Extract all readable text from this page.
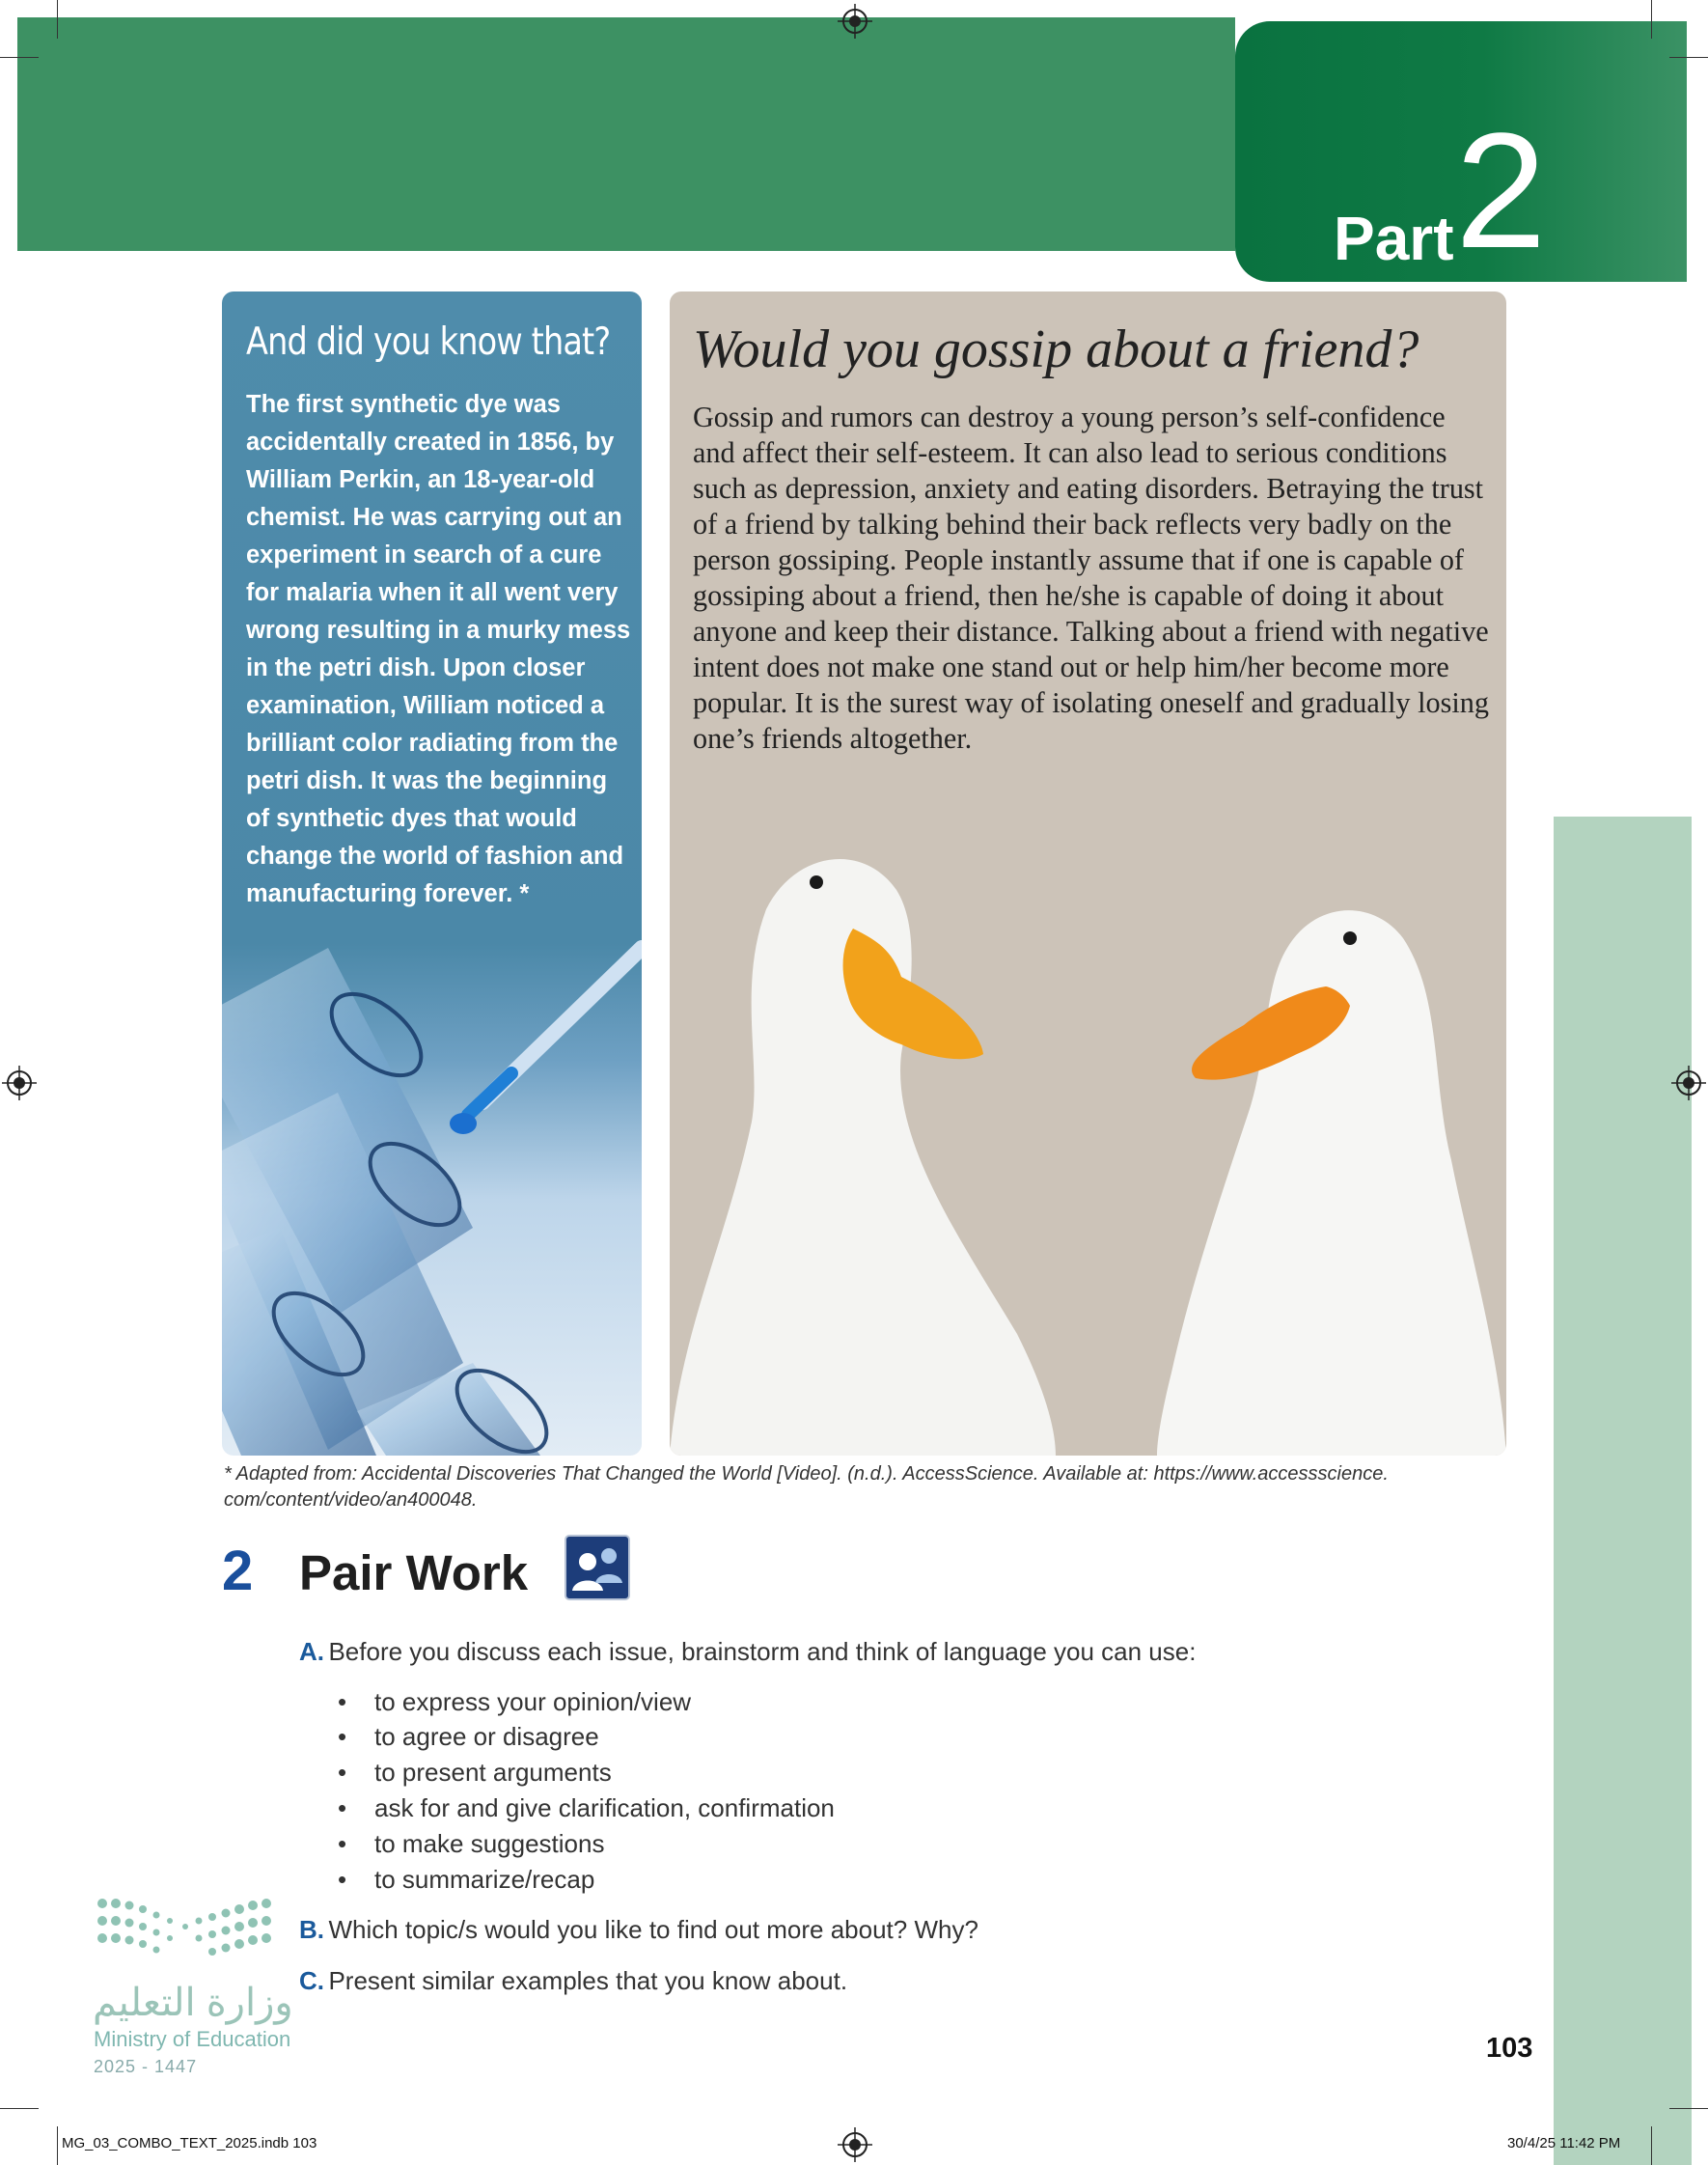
Part 2
And did you know that?
The first synthetic dye was accidentally created in 1856, by William Perkin, an 18-year-old chemist. He was carrying out an experiment in search of a cure for malaria when it all went very wrong resulting in a murky mess in the petri dish. Upon closer examination, William noticed a brilliant color radiating from the petri dish. It was the beginning of synthetic dyes that would change the world of fashion and manufacturing forever. *
Would you gossip about a friend?
Gossip and rumors can destroy a young person’s self-confidence and affect their self-esteem. It can also lead to serious conditions such as depression, anxiety and eating disorders. Betraying the trust of a friend by talking behind their back reflects very badly on the person gossiping. People instantly assume that if one is capable of gossiping about a friend, then he/she is capable of doing it about anyone and keep their distance. Talking about a friend with negative intent does not make one stand out or help him/her become more popular. It is the surest way of isolating oneself and gradually losing one’s friends altogether.
* Adapted from: Accidental Discoveries That Changed the World [Video]. (n.d.). AccessScience. Available at: https://www.accessscience. com/content/video/an400048.
2 Pair Work
A. Before you discuss each issue, brainstorm and think of language you can use:
• to express your opinion/view
• to agree or disagree
• to present arguments
• ask for and give clarification, confirmation
• to make suggestions
• to summarize/recap
B. Which topic/s would you like to find out more about? Why?
C. Present similar examples that you know about.
وزارة التعليم
Ministry of Education
2025 - 1447
103
MG_03_COMBO_TEXT_2025.indb 103	30/4/25 11:42 PM
